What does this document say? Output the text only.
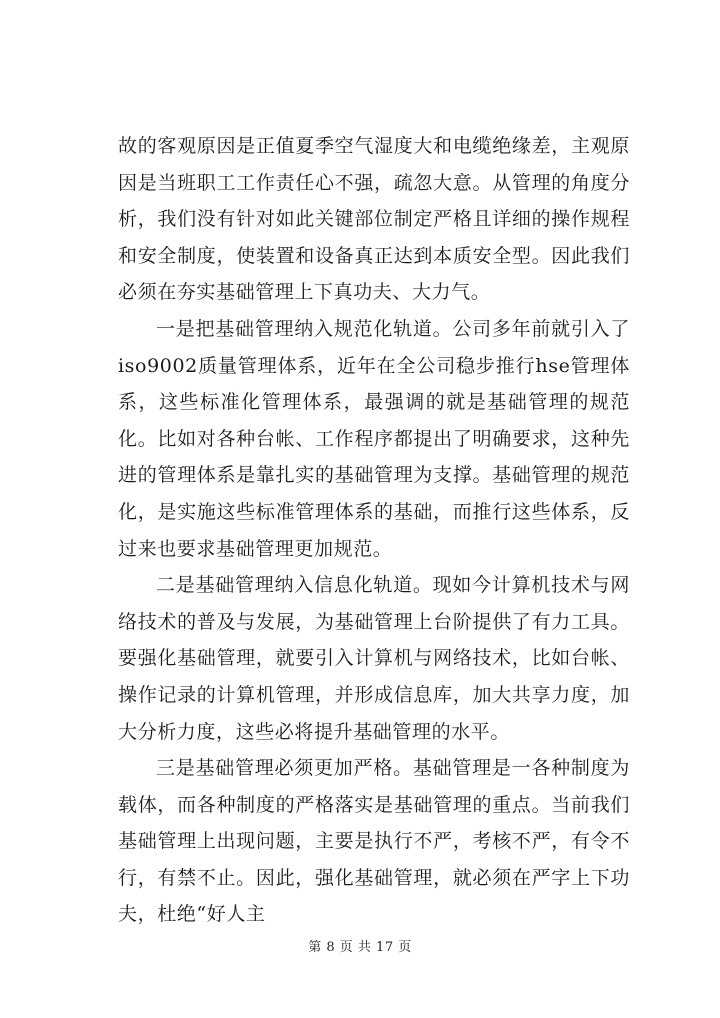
故的客观原因是正值夏季空气湿度大和电缆绝缘差，主观原因是当班职工工作责任心不强，疏忽大意。从管理的角度分析，我们没有针对如此关键部位制定严格且详细的操作规程和安全制度，使装置和设备真正达到本质安全型。因此我们必须在夯实基础管理上下真功夫、大力气。

一是把基础管理纳入规范化轨道。公司多年前就引入了iso9002质量管理体系，近年在全公司稳步推行hse管理体系，这些标准化管理体系，最强调的就是基础管理的规范化。比如对各种台帐、工作程序都提出了明确要求，这种先进的管理体系是靠扎实的基础管理为支撑。基础管理的规范化，是实施这些标准管理体系的基础，而推行这些体系，反过来也要求基础管理更加规范。

二是基础管理纳入信息化轨道。现如今计算机技术与网络技术的普及与发展，为基础管理上台阶提供了有力工具。要强化基础管理，就要引入计算机与网络技术，比如台帐、操作记录的计算机管理，并形成信息库，加大共享力度，加大分析力度，这些必将提升基础管理的水平。

三是基础管理必须更加严格。基础管理是一各种制度为载体，而各种制度的严格落实是基础管理的重点。当前我们基础管理上出现问题，主要是执行不严，考核不严，有令不行，有禁不止。因此，强化基础管理，就必须在严字上下功夫，杜绝“好人主

第 8 页 共 17 页
